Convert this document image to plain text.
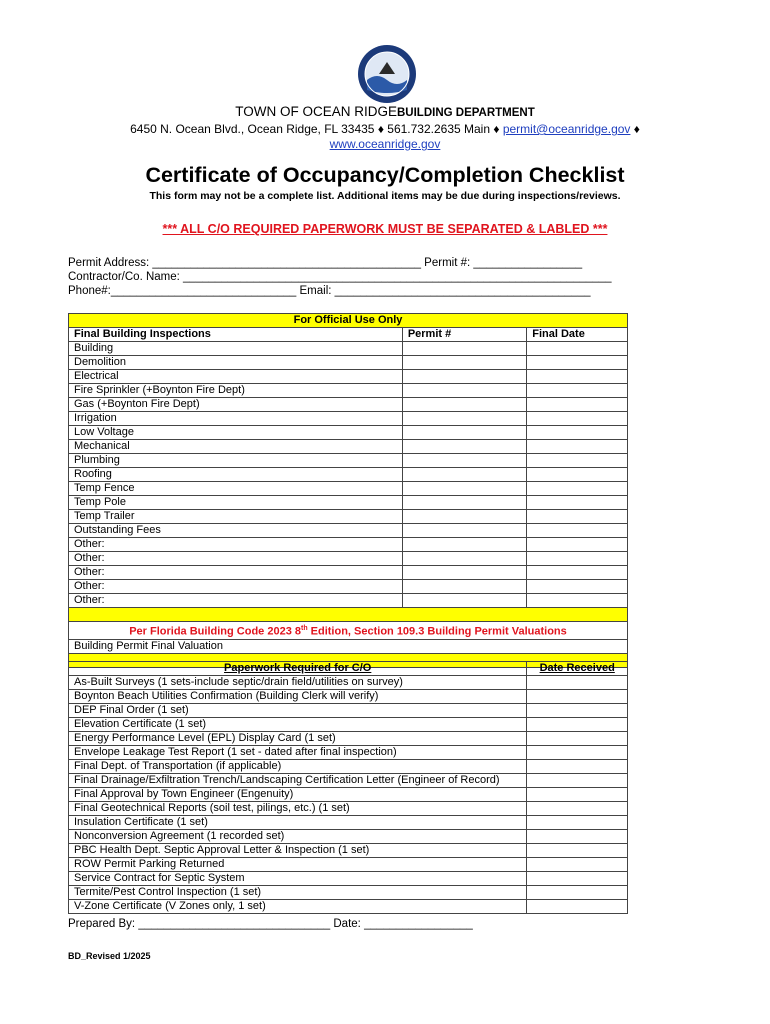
TOWN OF OCEAN RIDGEBUILDING DEPARTMENT
6450 N. Ocean Blvd., Ocean Ridge, FL 33435 ♦ 561.732.2635 Main ♦ permit@oceanridge.gov ♦
www.oceanridge.gov
Certificate of Occupancy/Completion Checklist
This form may not be a complete list. Additional items may be due during inspections/reviews.
*** ALL C/O REQUIRED PAPERWORK MUST BE SEPARATED & LABLED ***
Permit Address: __________________________________________ Permit #: _________________
Contractor/Co. Name: ___________________________________________________________________
Phone#:_____________________________ Email: ________________________________________
For Official Use Only		
Final Building Inspections	Permit #	Final Date
Building		
Demolition		
Electrical		
Fire Sprinkler (+Boynton Fire Dept)		
Gas (+Boynton Fire Dept)		
Irrigation		
Low Voltage		
Mechanical		
Plumbing		
Roofing		
Temp Fence		
Temp Pole		
Temp Trailer		
Outstanding Fees		
Other:		
Other:		
Other:		
Other:		
Other:		

Per Florida Building Code 2023 8th Edition, Section 109.3 Building Permit Valuations		
Building Permit Final Valuation		

Paperwork Required for C/O	Date Received
As-Built Surveys (1 sets-include septic/drain field/utilities on survey)	
Boynton Beach Utilities Confirmation (Building Clerk will verify)	
DEP Final Order (1 set)	
Elevation Certificate (1 set)	
Energy Performance Level (EPL) Display Card (1 set)	
Envelope Leakage Test Report (1 set - dated after final inspection)	
Final Dept. of Transportation (if applicable)	
Final Drainage/Exfiltration Trench/Landscaping Certification Letter (Engineer of Record)	
Final Approval by Town Engineer (Engenuity)	
Final Geotechnical Reports (soil test, pilings, etc.) (1 set)	
Insulation Certificate (1 set)	
Nonconversion Agreement (1 recorded set)	
PBC Health Dept. Septic Approval Letter & Inspection (1 set)	
ROW Permit Parking Returned	
Service Contract for Septic System	
Termite/Pest Control Inspection (1 set)	
V-Zone Certificate (V Zones only, 1 set)	
Prepared By: ______________________________ Date: _________________
BD_Revised 1/2025
